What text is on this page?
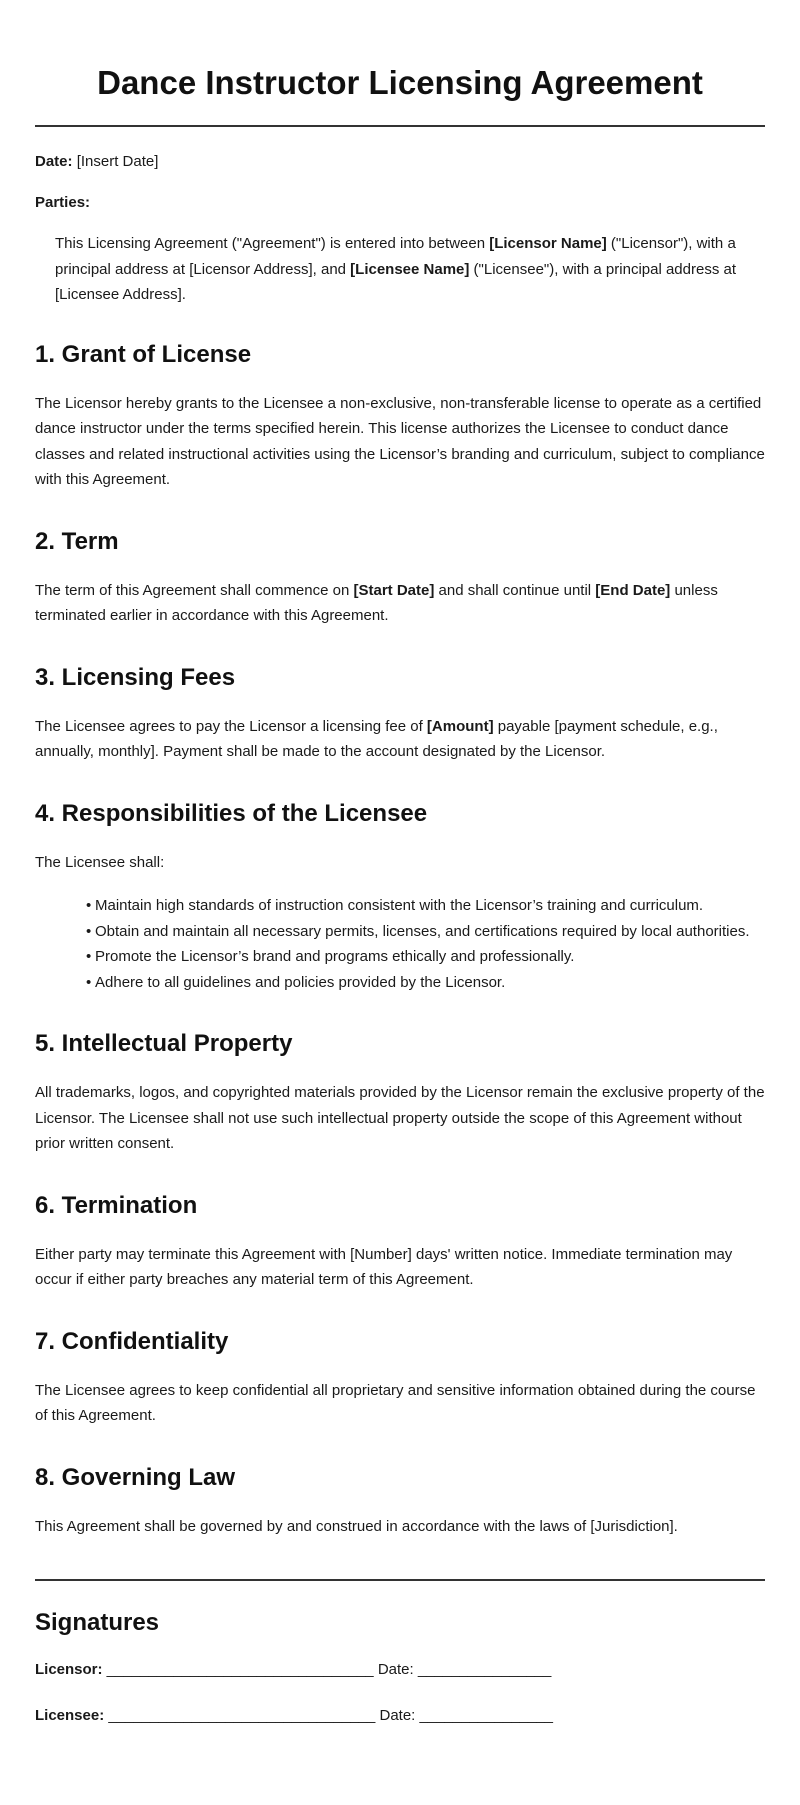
Dance Instructor Licensing Agreement

Date: [Insert Date]

Parties:

This Licensing Agreement ("Agreement") is entered into between [Licensor Name] ("Licensor"), with a principal address at [Licensor Address], and [Licensee Name] ("Licensee"), with a principal address at [Licensee Address].

1. Grant of License

The Licensor hereby grants to the Licensee a non-exclusive, non-transferable license to operate as a certified dance instructor under the terms specified herein. This license authorizes the Licensee to conduct dance classes and related instructional activities using the Licensor’s branding and curriculum, subject to compliance with this Agreement.

2. Term

The term of this Agreement shall commence on [Start Date] and shall continue until [End Date] unless terminated earlier in accordance with this Agreement.

3. Licensing Fees

The Licensee agrees to pay the Licensor a licensing fee of [Amount] payable [payment schedule, e.g., annually, monthly]. Payment shall be made to the account designated by the Licensor.

4. Responsibilities of the Licensee

The Licensee shall:

• Maintain high standards of instruction consistent with the Licensor’s training and curriculum.
• Obtain and maintain all necessary permits, licenses, and certifications required by local authorities.
• Promote the Licensor’s brand and programs ethically and professionally.
• Adhere to all guidelines and policies provided by the Licensor.
5. Intellectual Property

All trademarks, logos, and copyrighted materials provided by the Licensor remain the exclusive property of the Licensor. The Licensee shall not use such intellectual property outside the scope of this Agreement without prior written consent.

6. Termination

Either party may terminate this Agreement with [Number] days' written notice. Immediate termination may occur if either party breaches any material term of this Agreement.

7. Confidentiality

The Licensee agrees to keep confidential all proprietary and sensitive information obtained during the course of this Agreement.

8. Governing Law

This Agreement shall be governed by and construed in accordance with the laws of [Jurisdiction].

Signatures

Licensor: ________________________________ Date: ________________

Licensee: ________________________________ Date: ________________
